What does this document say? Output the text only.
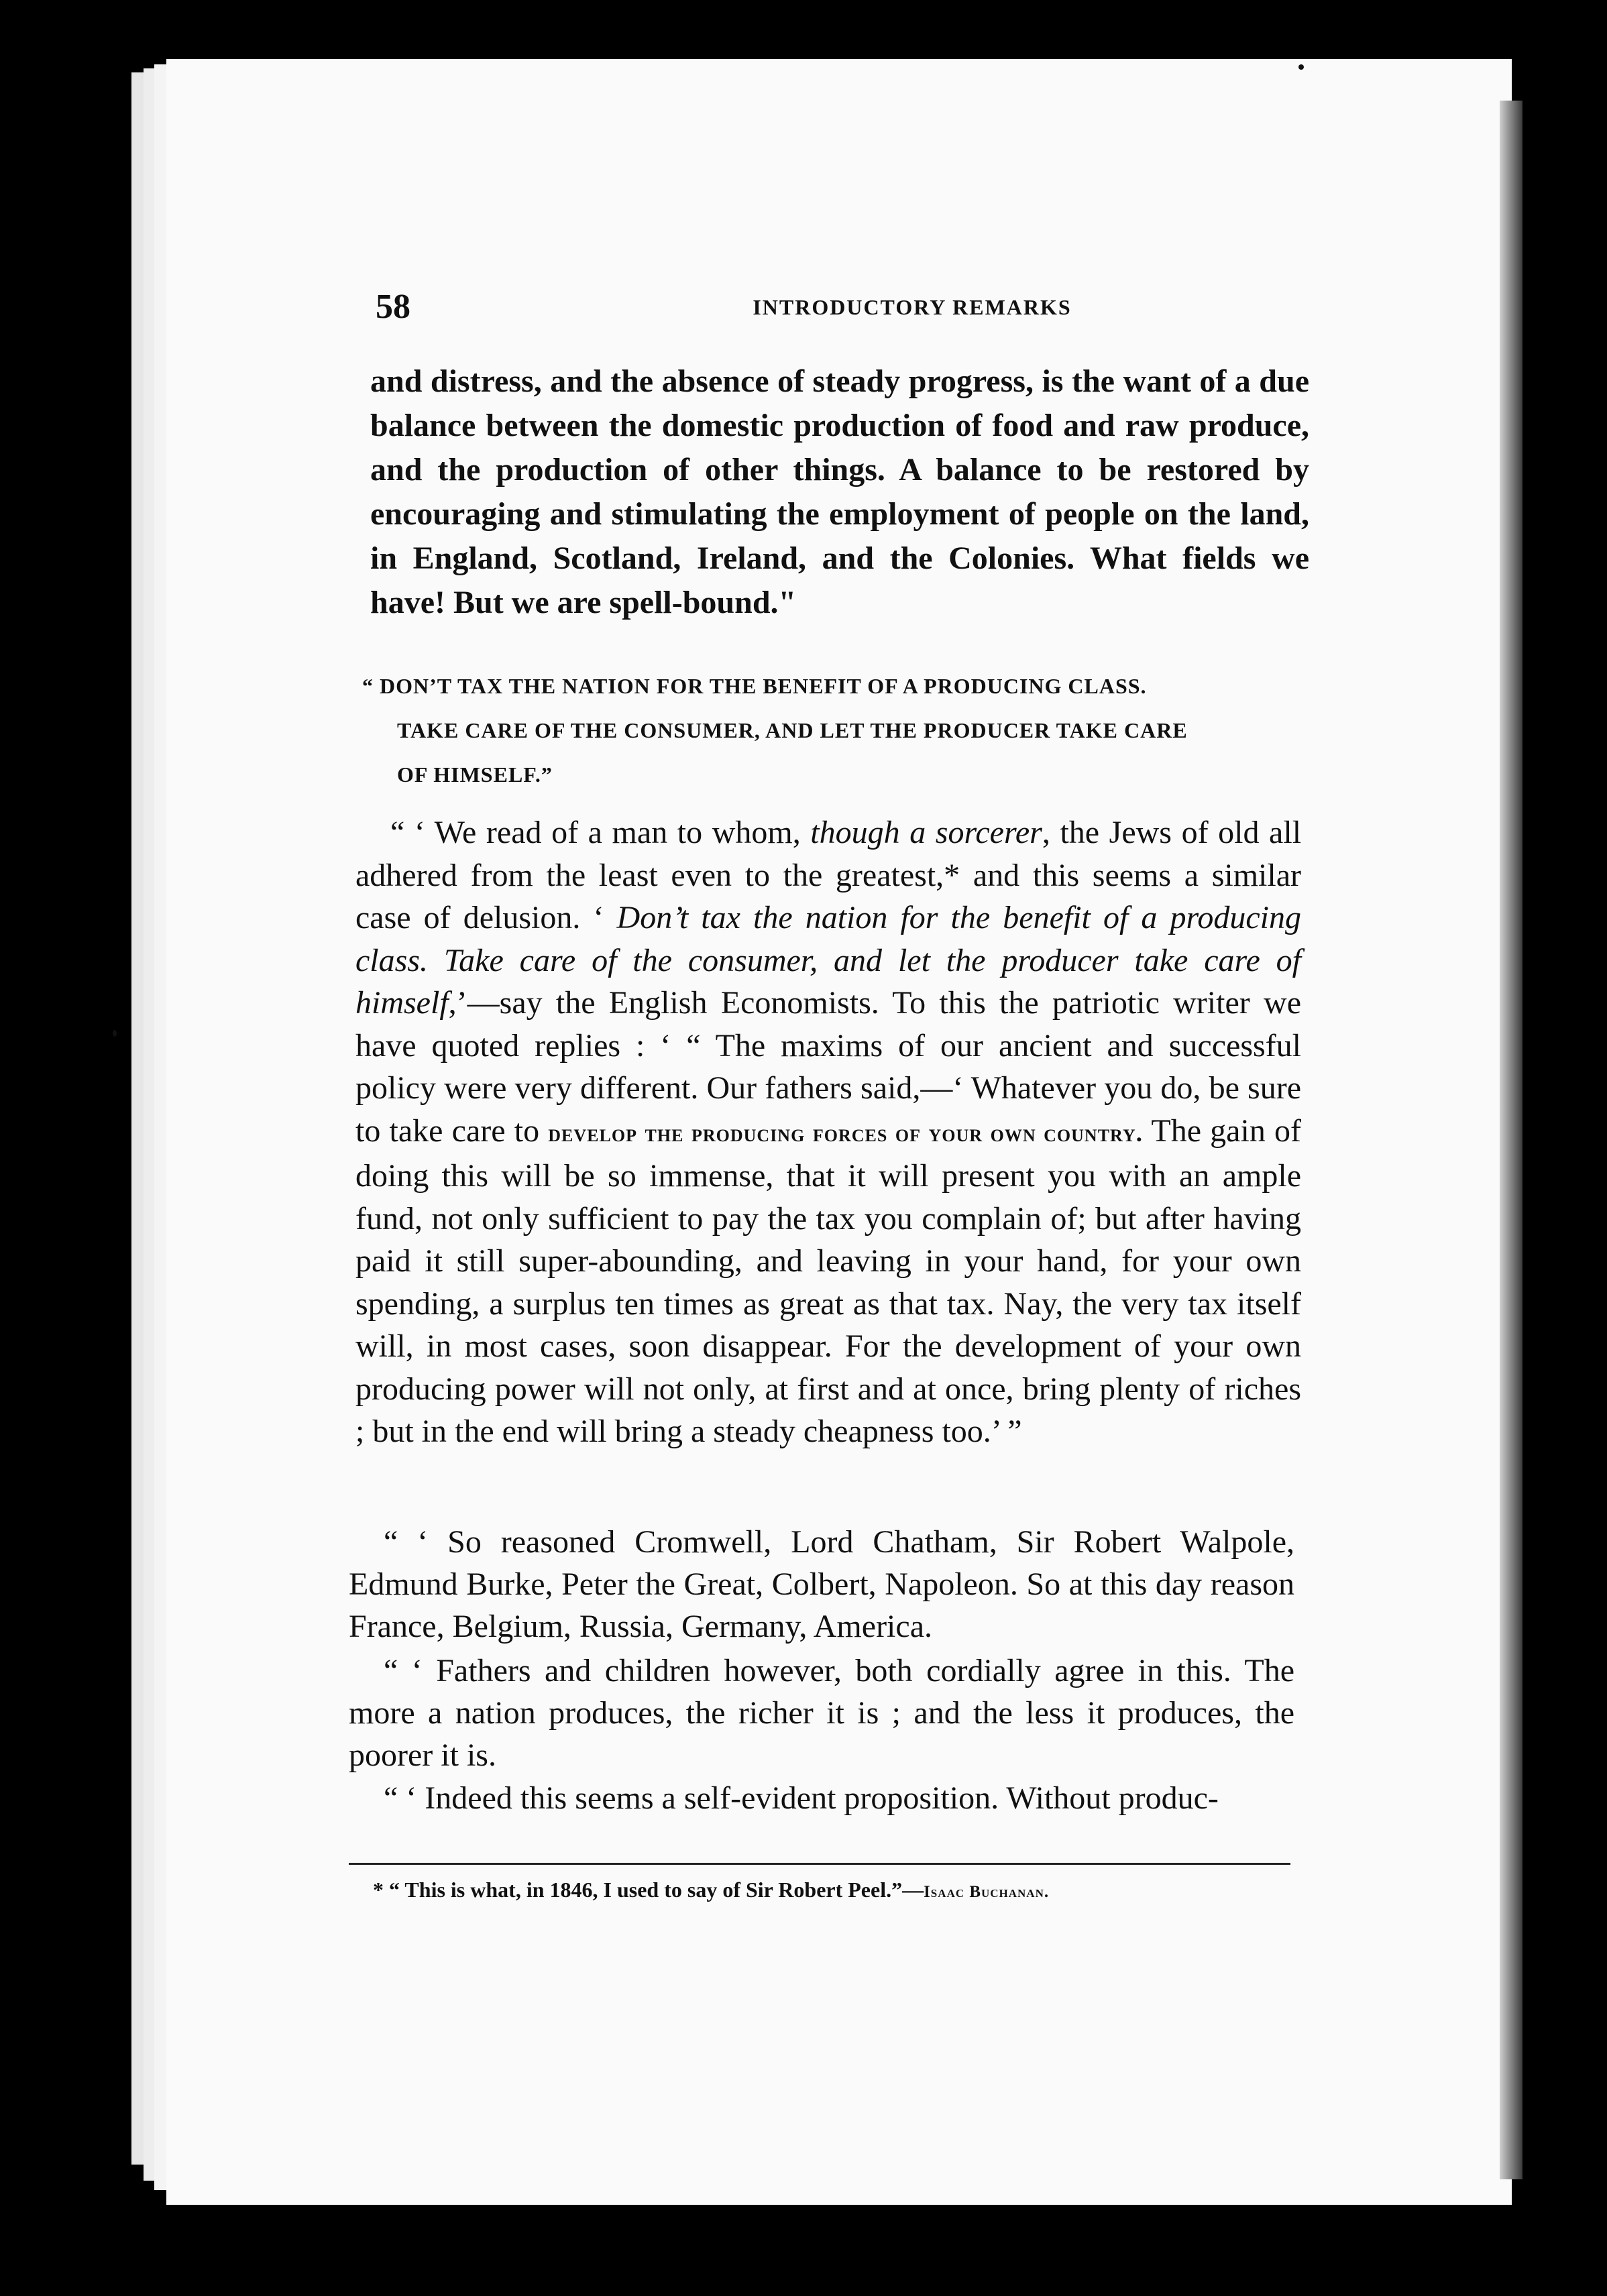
58	INTRODUCTORY REMARKS

and distress, and the absence of steady progress, is the want of a due balance between the domestic production of food and raw produce, and the production of other things. A balance to be restored by encouraging and stimulating the employment of people on the land, in England, Scotland, Ireland, and the Colonies. What fields we have! But we are spell-bound."

“ DON’T TAX THE NATION FOR THE BENEFIT OF A PRODUCING CLASS.
TAKE CARE OF THE CONSUMER, AND LET THE PRODUCER TAKE CARE
OF HIMSELF.”

“ ‘ We read of a man to whom, though a sorcerer, the Jews of old all adhered from the least even to the greatest,* and this seems a similar case of delusion. ‘ Don’t tax the nation for the benefit of a producing class. Take care of the consumer, and let the producer take care of himself,’—say the English Economists. To this the patriotic writer we have quoted replies : ‘ “ The maxims of our ancient and successful policy were very different. Our fathers said,—‘ Whatever you do, be sure to take care to develop the producing forces of your own country. The gain of doing this will be so immense, that it will present you with an ample fund, not only sufficient to pay the tax you complain of; but after having paid it still super-abounding, and leaving in your hand, for your own spending, a surplus ten times as great as that tax. Nay, the very tax itself will, in most cases, soon disappear. For the development of your own producing power will not only, at first and at once, bring plenty of riches ; but in the end will bring a steady cheapness too.’ ”

“ ‘ So reasoned Cromwell, Lord Chatham, Sir Robert Walpole, Edmund Burke, Peter the Great, Colbert, Napoleon. So at this day reason France, Belgium, Russia, Germany, America.

“ ‘ Fathers and children however, both cordially agree in this. The more a nation produces, the richer it is ; and the less it produces, the poorer it is.

“ ‘ Indeed this seems a self-evident proposition. Without produc-

* “ This is what, in 1846, I used to say of Sir Robert Peel.”—Isaac Buchanan.
